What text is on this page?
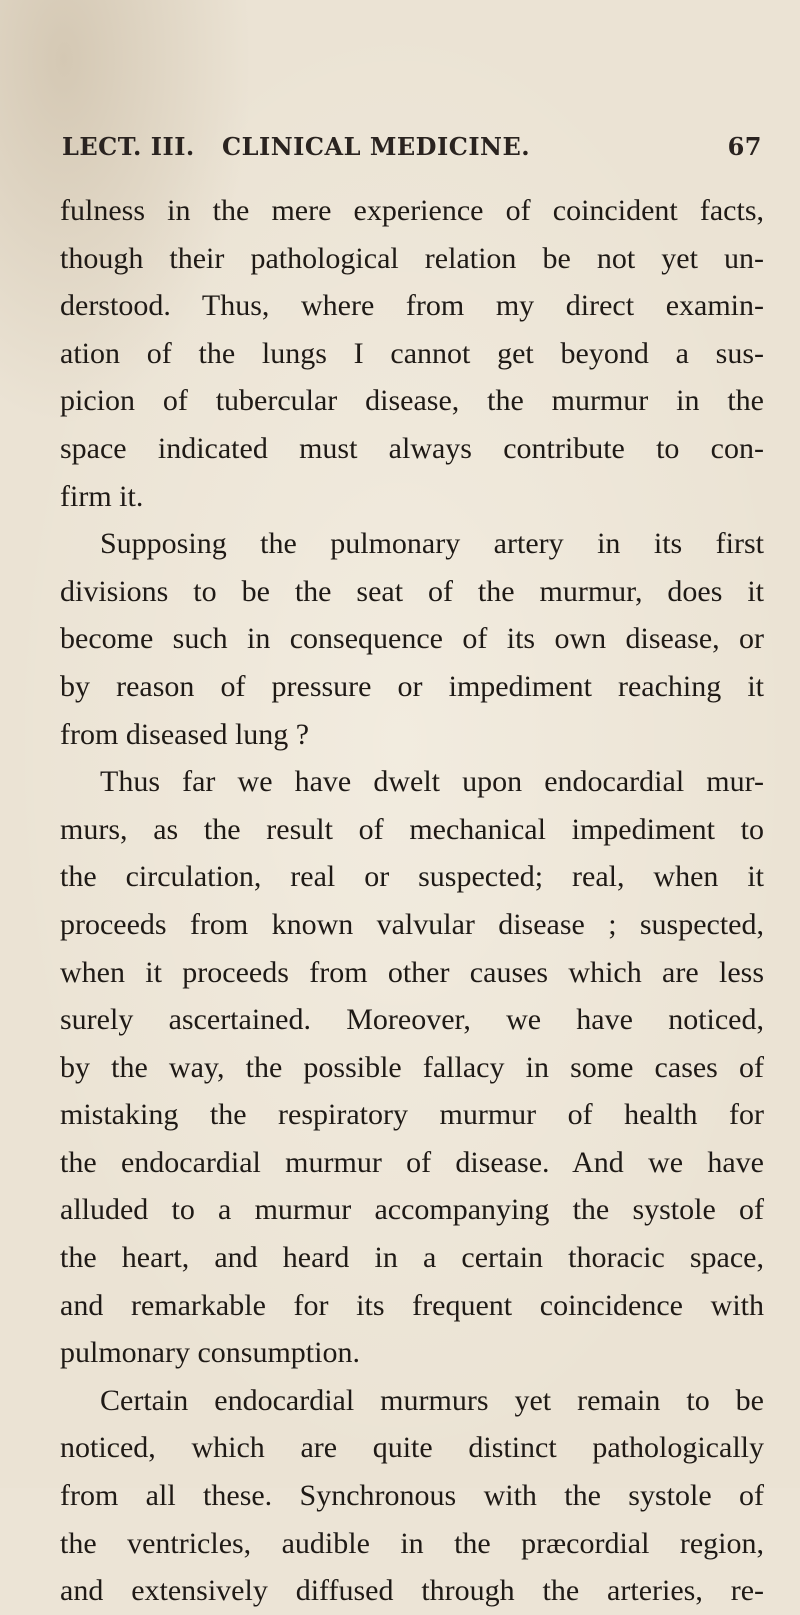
LECT. III. CLINICAL MEDICINE.	67
fulness in the mere experience of coincident facts,
though their pathological relation be not yet un-
derstood. Thus, where from my direct examin-
ation of the lungs I cannot get beyond a sus-
picion of tubercular disease, the murmur in the
space indicated must always contribute to con-
firm it.
Supposing the pulmonary artery in its first
divisions to be the seat of the murmur, does it
become such in consequence of its own disease, or
by reason of pressure or impediment reaching it
from diseased lung ?
Thus far we have dwelt upon endocardial mur-
murs, as the result of mechanical impediment to
the circulation, real or suspected; real, when it
proceeds from known valvular disease ; suspected,
when it proceeds from other causes which are less
surely ascertained. Moreover, we have noticed,
by the way, the possible fallacy in some cases of
mistaking the respiratory murmur of health for
the endocardial murmur of disease. And we have
alluded to a murmur accompanying the systole of
the heart, and heard in a certain thoracic space,
and remarkable for its frequent coincidence with
pulmonary consumption.
Certain endocardial murmurs yet remain to be
noticed, which are quite distinct pathologically
from all these. Synchronous with the systole of
the ventricles, audible in the præcordial region,
and extensively diffused through the arteries, re-
